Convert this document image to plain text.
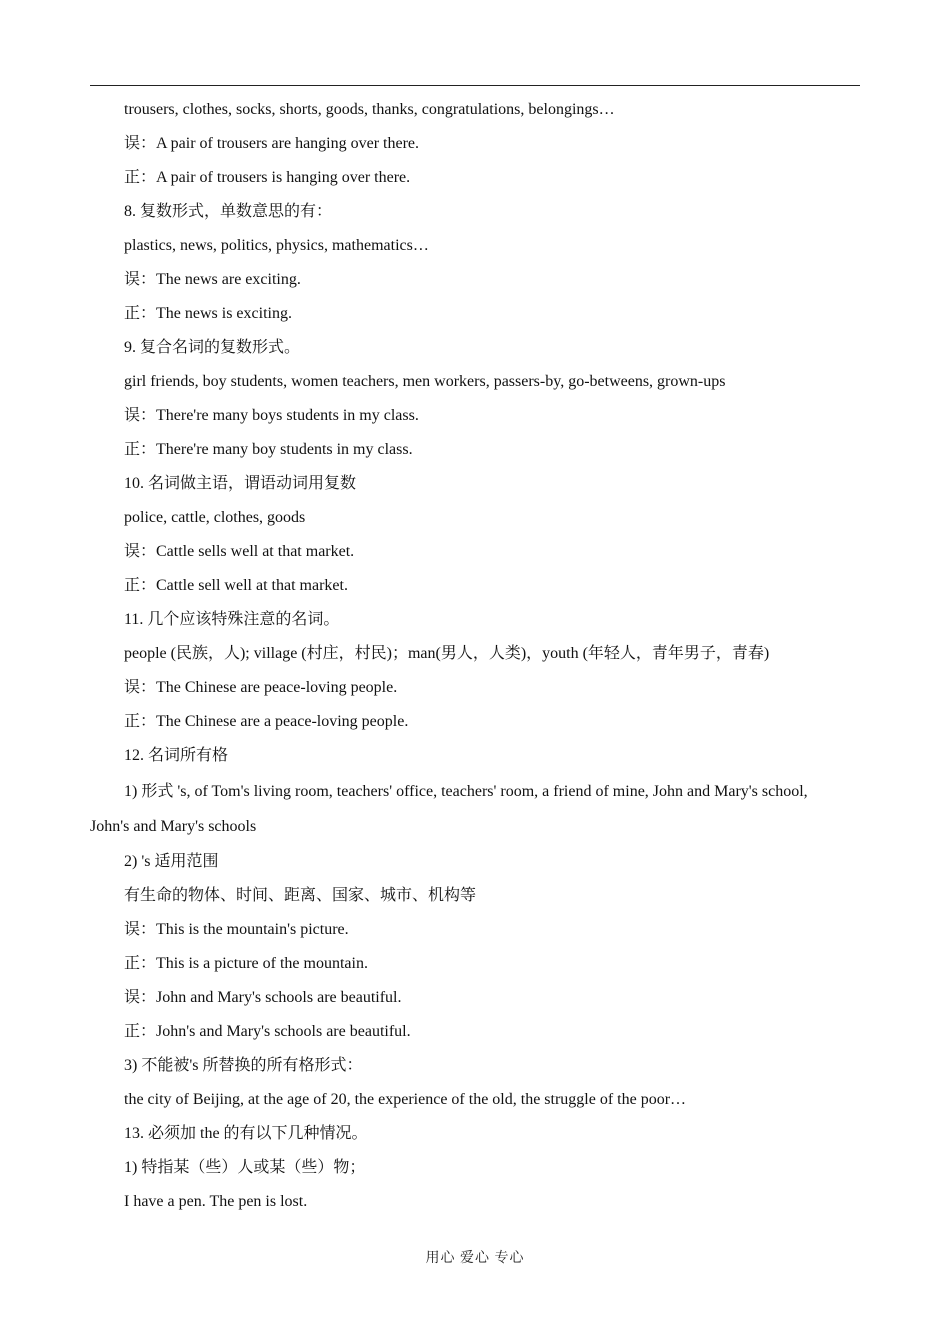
trousers, clothes, socks, shorts, goods, thanks, congratulations, belongings…
误：A pair of trousers are hanging over there.
正：A pair of trousers is hanging over there.
8. 复数形式，单数意思的有：
plastics, news, politics, physics, mathematics…
误：The news are exciting.
正：The news is exciting.
9. 复合名词的复数形式。
girl friends, boy students, women teachers, men workers, passers-by, go-betweens, grown-ups
误：There're many boys students in my class.
正：There're many boy students in my class.
10. 名词做主语，谓语动词用复数
police, cattle, clothes, goods
误：Cattle sells well at that market.
正：Cattle sell well at that market.
11. 几个应该特殊注意的名词。
people (民族，人); village (村庄，村民)；man(男人，人类)，youth (年轻人，青年男子，青春)
误：The Chinese are peace-loving people.
正：The Chinese are a peace-loving people.
12. 名词所有格
1) 形式 's, of Tom's living room, teachers' office, teachers' room, a friend of mine, John and Mary's school,
John's and Mary's schools
2) 's 适用范围
有生命的物体、时间、距离、国家、城市、机构等
误：This is the mountain's picture.
正：This is a picture of the mountain.
误：John and Mary's schools are beautiful.
正：John's and Mary's schools are beautiful.
3) 不能被's 所替换的所有格形式：
the city of Beijing, at the age of 20, the experience of the old, the struggle of the poor…
13. 必须加 the 的有以下几种情况。
1) 特指某（些）人或某（些）物；
I have a pen. The pen is lost.
用心 爱心 专心
